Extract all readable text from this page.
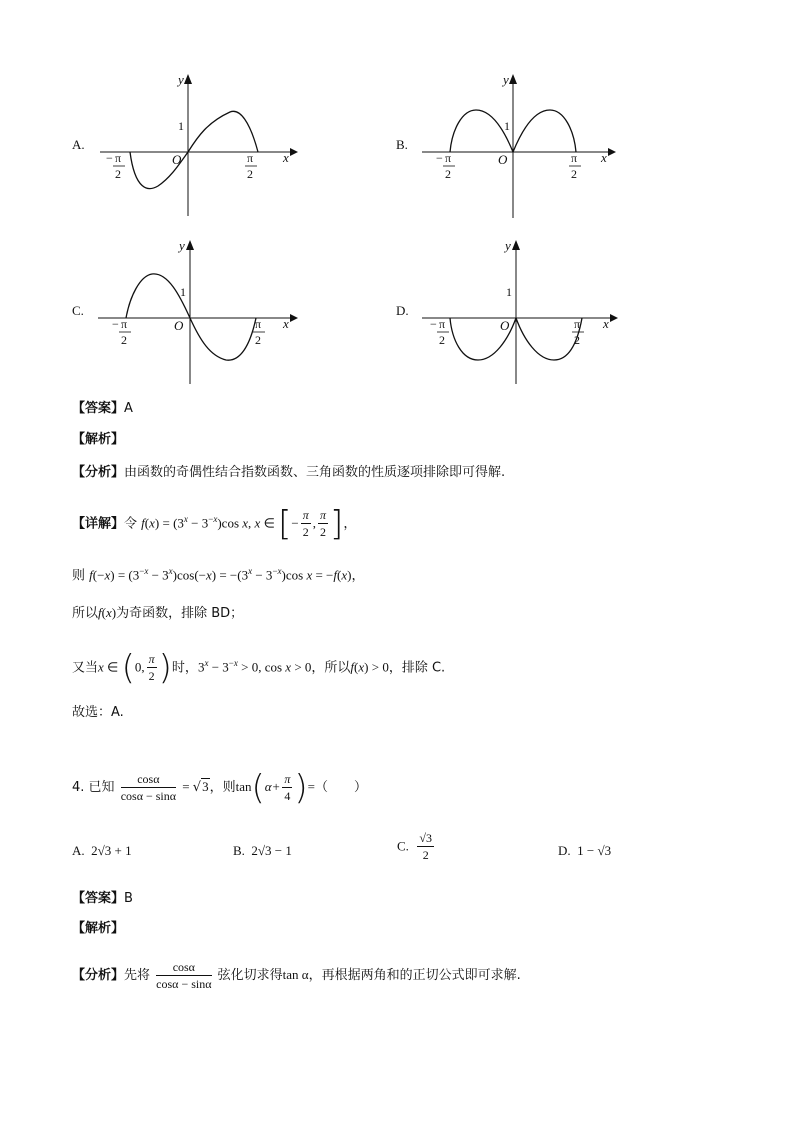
A.
y
x
1
O
− π
2
π
2
B.
y
x
1
O
− π
2
π
2
C.
y
x
1
O
− π
2
π
2
D.
y
x
1
O
− π
2
π
2
【答案】A
【解析】
【分析】由函数的奇偶性结合指数函数、三角函数的性质逐项排除即可得解.
【详解】令 $f(x) = (3^x - 3^{-x})\cos$ x, x ∈ [− $\frac{\pi}{2}$ , $\frac{\pi}{2}$ ]，
则 $f(-x) = (3^{-x} - 3^x)\cos(-x) = -(3^x - 3^{-x})\cos$ x = −f(x)，
所以f(x)为奇函数，排除 BD；
又当x ∈ (0, $\frac{\pi}{2}$ )时，$3^x - 3^{-x} > 0$, cos x > 0，所以f(x) > 0，排除 C.
故选：A.
4. 已知 $\frac{\cos\alpha}{\cos\alpha - \sin\alpha} = √3$，则$\tan(\alpha+ \frac{\pi}{4}$ )=（　　）
A. 2√3 + 1	B. 2√3 − 1	C. $\frac{√3}{2}$	D. 1 − √3
【答案】B
【解析】
【分析】先将 $\frac{\cos\alpha}{\cos\alpha - \sin\alpha}$ 弦化切求得tan α，再根据两角和的正切公式即可求解.
